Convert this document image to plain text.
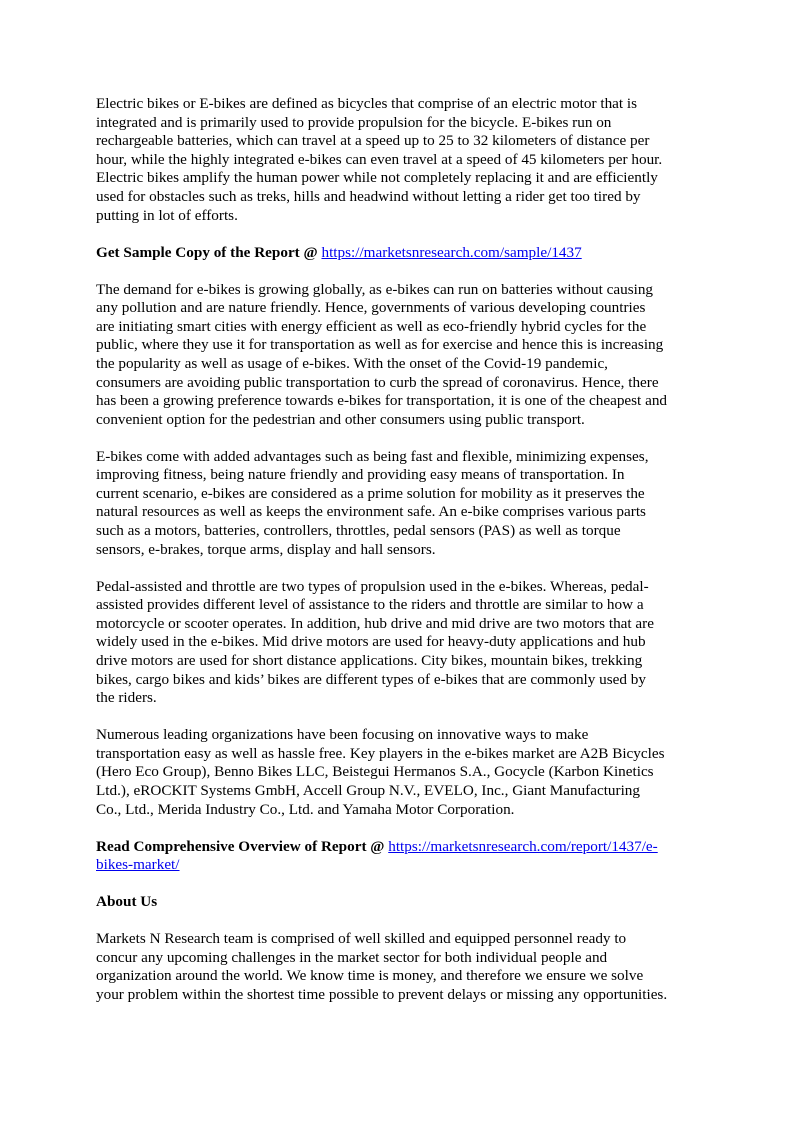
Electric bikes or E-bikes are defined as bicycles that comprise of an electric motor that is
integrated and is primarily used to provide propulsion for the bicycle. E-bikes run on
rechargeable batteries, which can travel at a speed up to 25 to 32 kilometers of distance per
hour, while the highly integrated e-bikes can even travel at a speed of 45 kilometers per hour.
Electric bikes amplify the human power while not completely replacing it and are efficiently
used for obstacles such as treks, hills and headwind without letting a rider get too tired by
putting in lot of efforts.

Get Sample Copy of the Report @ https://marketsnresearch.com/sample/1437

The demand for e-bikes is growing globally, as e-bikes can run on batteries without causing
any pollution and are nature friendly. Hence, governments of various developing countries
are initiating smart cities with energy efficient as well as eco-friendly hybrid cycles for the
public, where they use it for transportation as well as for exercise and hence this is increasing
the popularity as well as usage of e-bikes. With the onset of the Covid-19 pandemic,
consumers are avoiding public transportation to curb the spread of coronavirus. Hence, there
has been a growing preference towards e-bikes for transportation, it is one of the cheapest and
convenient option for the pedestrian and other consumers using public transport.

E-bikes come with added advantages such as being fast and flexible, minimizing expenses,
improving fitness, being nature friendly and providing easy means of transportation. In
current scenario, e-bikes are considered as a prime solution for mobility as it preserves the
natural resources as well as keeps the environment safe. An e-bike comprises various parts
such as a motors, batteries, controllers, throttles, pedal sensors (PAS) as well as torque
sensors, e-brakes, torque arms, display and hall sensors.

Pedal-assisted and throttle are two types of propulsion used in the e-bikes. Whereas, pedal-
assisted provides different level of assistance to the riders and throttle are similar to how a
motorcycle or scooter operates. In addition, hub drive and mid drive are two motors that are
widely used in the e-bikes. Mid drive motors are used for heavy-duty applications and hub
drive motors are used for short distance applications. City bikes, mountain bikes, trekking
bikes, cargo bikes and kids’ bikes are different types of e-bikes that are commonly used by
the riders.

Numerous leading organizations have been focusing on innovative ways to make
transportation easy as well as hassle free. Key players in the e-bikes market are A2B Bicycles
(Hero Eco Group), Benno Bikes LLC, Beistegui Hermanos S.A., Gocycle (Karbon Kinetics
Ltd.), eROCKIT Systems GmbH, Accell Group N.V., EVELO, Inc., Giant Manufacturing
Co., Ltd., Merida Industry Co., Ltd. and Yamaha Motor Corporation.

Read Comprehensive Overview of Report @ https://marketsnresearch.com/report/1437/e-
bikes-market/

About Us

Markets N Research team is comprised of well skilled and equipped personnel ready to
concur any upcoming challenges in the market sector for both individual people and
organization around the world. We know time is money, and therefore we ensure we solve
your problem within the shortest time possible to prevent delays or missing any opportunities.
